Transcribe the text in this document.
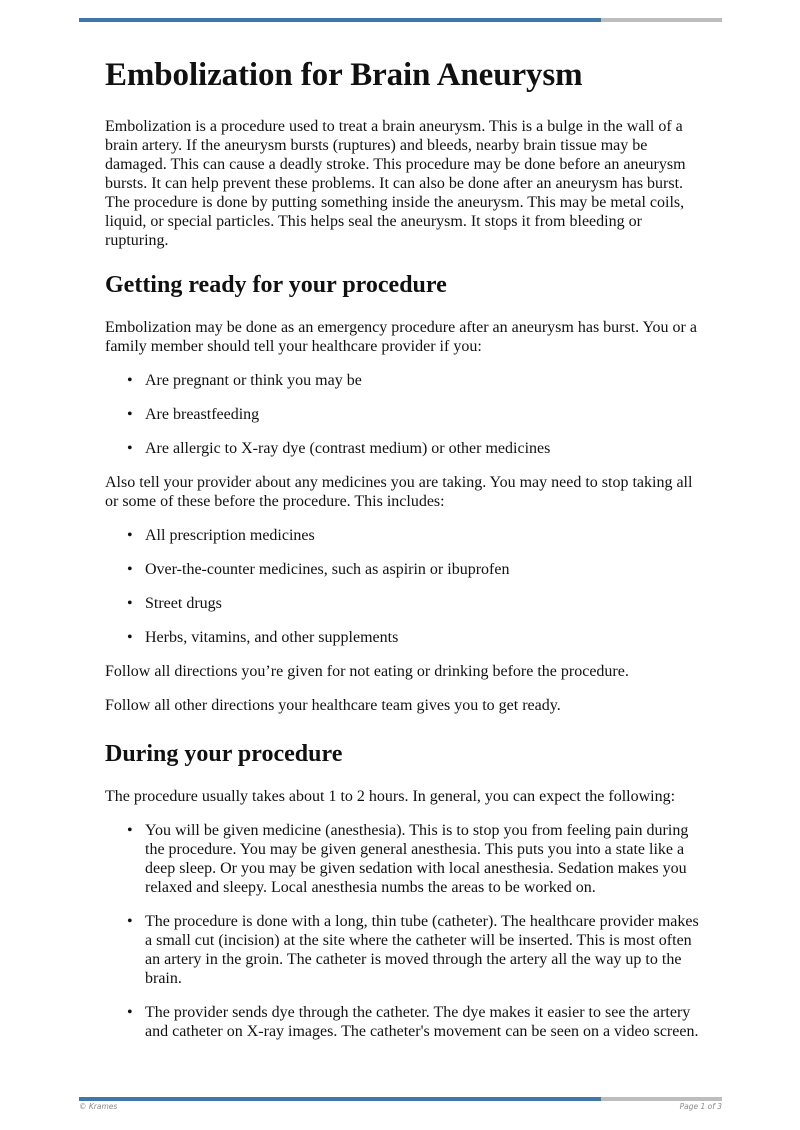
Embolization for Brain Aneurysm

Embolization is a procedure used to treat a brain aneurysm. This is a bulge in the wall of a brain artery. If the aneurysm bursts (ruptures) and bleeds, nearby brain tissue may be damaged. This can cause a deadly stroke. This procedure may be done before an aneurysm bursts. It can help prevent these problems. It can also be done after an aneurysm has burst. The procedure is done by putting something inside the aneurysm. This may be metal coils, liquid, or special particles. This helps seal the aneurysm. It stops it from bleeding or rupturing.

Getting ready for your procedure

Embolization may be done as an emergency procedure after an aneurysm has burst. You or a family member should tell your healthcare provider if you:

• Are pregnant or think you may be
• Are breastfeeding
• Are allergic to X-ray dye (contrast medium) or other medicines

Also tell your provider about any medicines you are taking. You may need to stop taking all or some of these before the procedure. This includes:

• All prescription medicines
• Over-the-counter medicines, such as aspirin or ibuprofen
• Street drugs
• Herbs, vitamins, and other supplements

Follow all directions you’re given for not eating or drinking before the procedure.

Follow all other directions your healthcare team gives you to get ready.

During your procedure

The procedure usually takes about 1 to 2 hours. In general, you can expect the following:

• You will be given medicine (anesthesia). This is to stop you from feeling pain during the procedure. You may be given general anesthesia. This puts you into a state like a deep sleep. Or you may be given sedation with local anesthesia. Sedation makes you relaxed and sleepy. Local anesthesia numbs the areas to be worked on.
• The procedure is done with a long, thin tube (catheter). The healthcare provider makes a small cut (incision) at the site where the catheter will be inserted. This is most often an artery in the groin. The catheter is moved through the artery all the way up to the brain.
• The provider sends dye through the catheter. The dye makes it easier to see the artery and catheter on X-ray images. The catheter's movement can be seen on a video screen.
© Krames	Page 1 of 3
